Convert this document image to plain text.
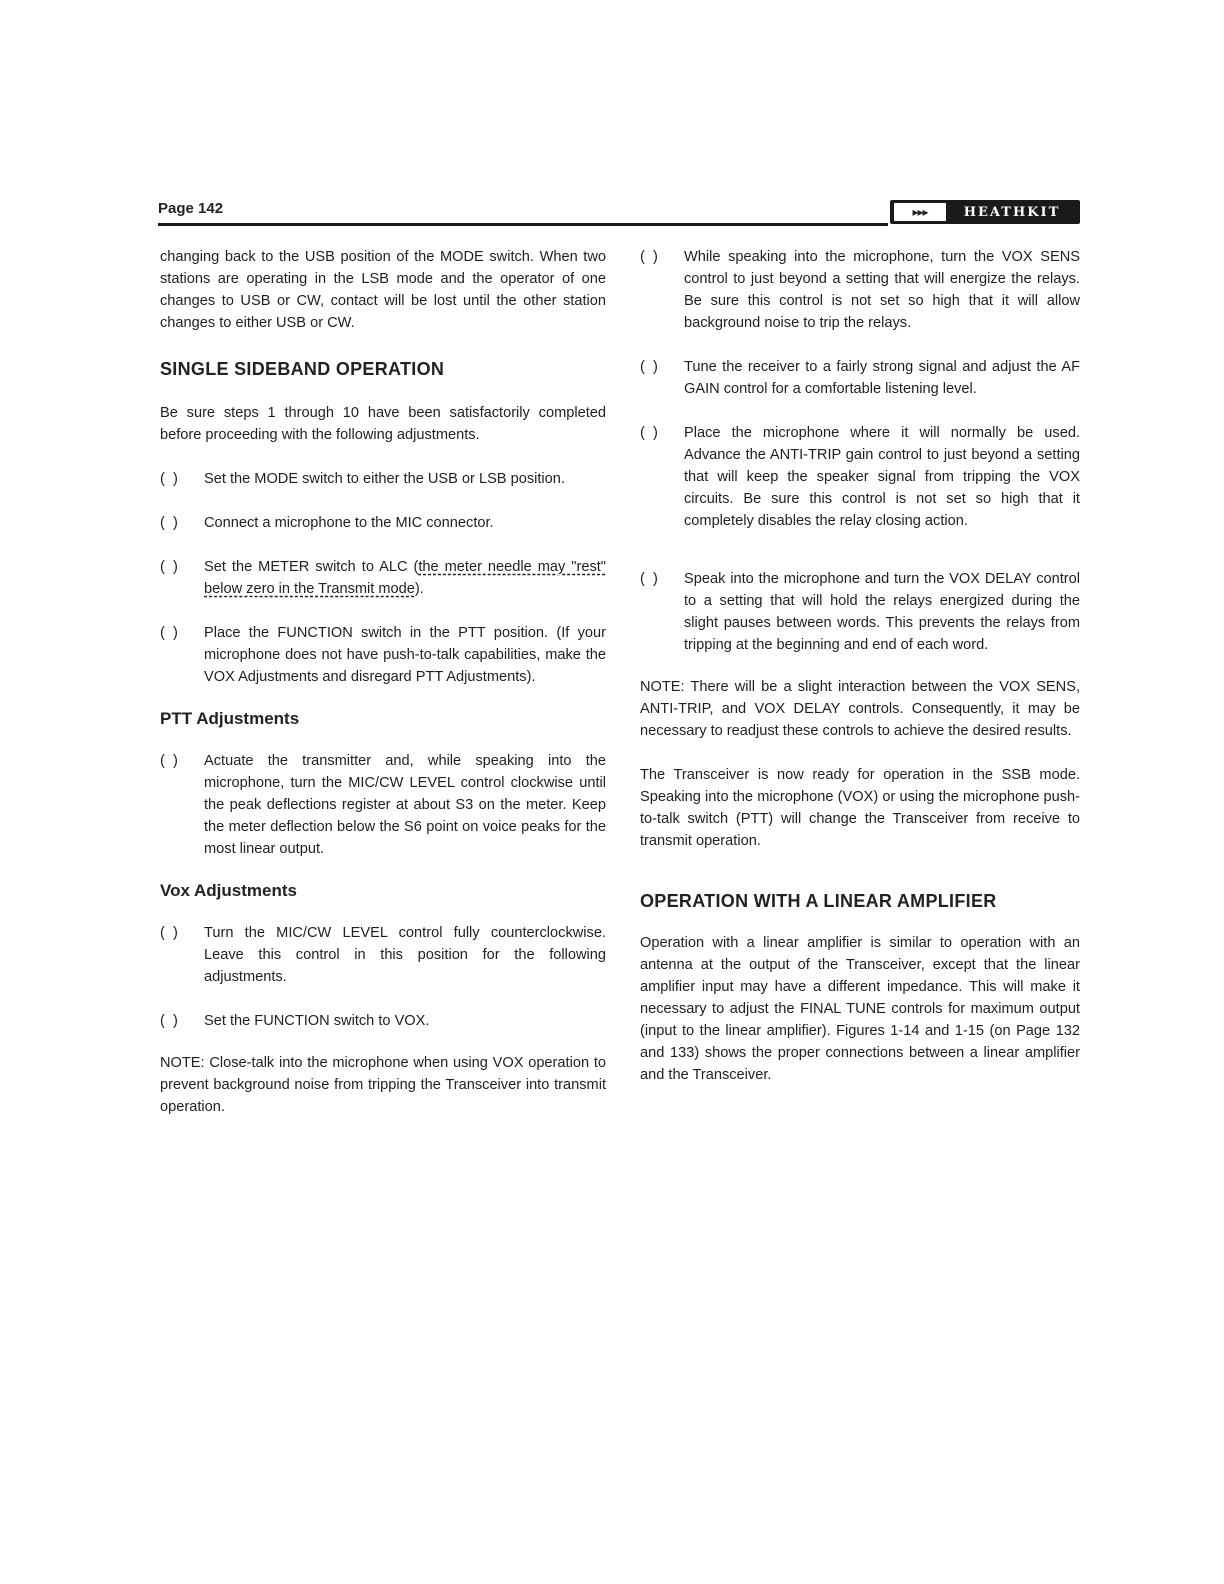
Page 142	▸▸▸	HEATHKIT

changing back to the USB position of the MODE switch. When two stations are operating in the LSB mode and the operator of one changes to USB or CW, contact will be lost until the other station changes to either USB or CW.

SINGLE SIDEBAND OPERATION

Be sure steps 1 through 10 have been satisfactorily completed before proceeding with the following adjustments.

(  )	Set the MODE switch to either the USB or LSB position.
(  )	Connect a microphone to the MIC connector.
(  )	Set the METER switch to ALC (the meter needle may "rest" below zero in the Transmit mode).
(  )	Place the FUNCTION switch in the PTT position. (If your microphone does not have push-to-talk capabilities, make the VOX Adjustments and disregard PTT Adjustments).
PTT Adjustments
(  )	Actuate the transmitter and, while speaking into the microphone, turn the MIC/CW LEVEL control clockwise until the peak deflections register at about S3 on the meter. Keep the meter deflection below the S6 point on voice peaks for the most linear output.
Vox Adjustments
(  )	Turn the MIC/CW LEVEL control fully counterclockwise. Leave this control in this position for the following adjustments.
(  )	Set the FUNCTION switch to VOX.

NOTE: Close-talk into the microphone when using VOX operation to prevent background noise from tripping the Transceiver into transmit operation.

(  )	While speaking into the microphone, turn the VOX SENS control to just beyond a setting that will energize the relays. Be sure this control is not set so high that it will allow background noise to trip the relays.
(  )	Tune the receiver to a fairly strong signal and adjust the AF GAIN control for a comfortable listening level.
(  )	Place the microphone where it will normally be used. Advance the ANTI-TRIP gain control to just beyond a setting that will keep the speaker signal from tripping the VOX circuits. Be sure this control is not set so high that it completely disables the relay closing action.
(  )	Speak into the microphone and turn the VOX DELAY control to a setting that will hold the relays energized during the slight pauses between words. This prevents the relays from tripping at the beginning and end of each word.

NOTE: There will be a slight interaction between the VOX SENS, ANTI-TRIP, and VOX DELAY controls. Consequently, it may be necessary to readjust these controls to achieve the desired results.

The Transceiver is now ready for operation in the SSB mode. Speaking into the microphone (VOX) or using the microphone push-to-talk switch (PTT) will change the Transceiver from receive to transmit operation.

OPERATION WITH A LINEAR AMPLIFIER

Operation with a linear amplifier is similar to operation with an antenna at the output of the Transceiver, except that the linear amplifier input may have a different impedance. This will make it necessary to adjust the FINAL TUNE controls for maximum output (input to the linear amplifier). Figures 1-14 and 1-15 (on Page 132 and 133) shows the proper connections between a linear amplifier and the Transceiver.
